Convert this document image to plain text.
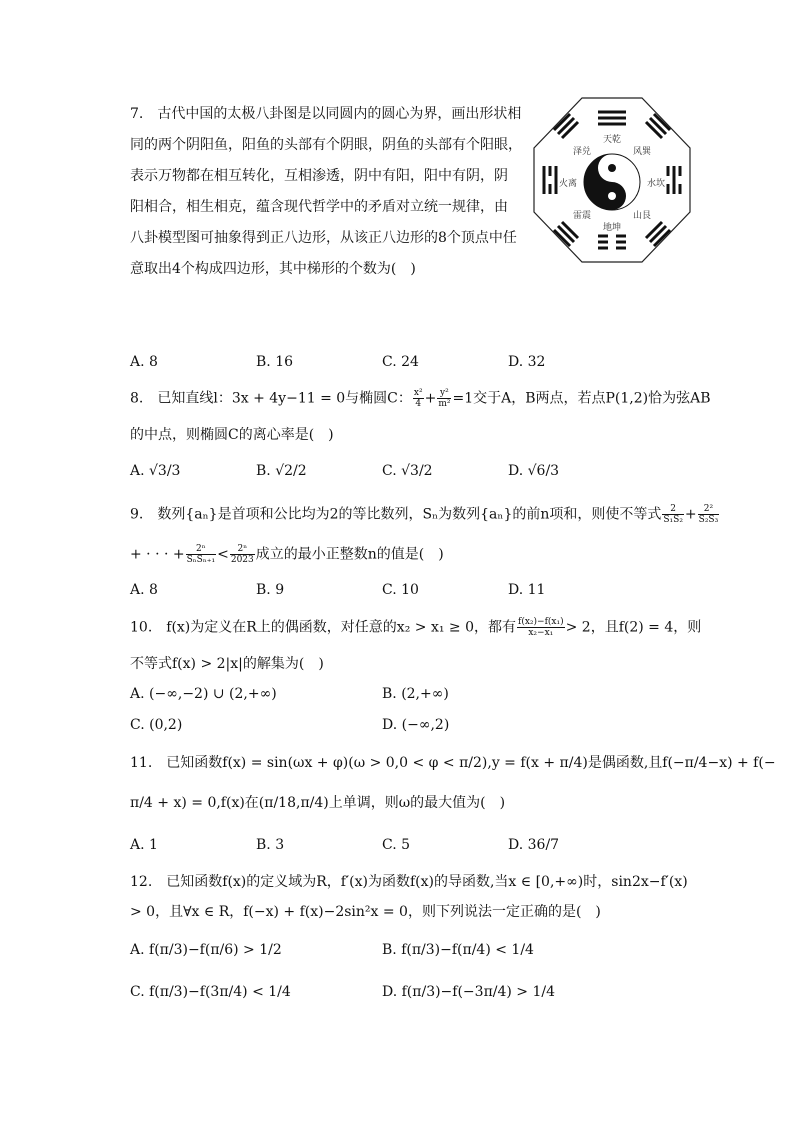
7.　古代中国的太极八卦图是以同圆内的圆心为界，画出形状相
同的两个阴阳鱼，阳鱼的头部有个阴眼，阴鱼的头部有个阳眼，
表示万物都在相互转化，互相渗透，阴中有阳，阳中有阴，阴
阳相合，相生相克，蕴含现代哲学中的矛盾对立统一规律，由
八卦模型图可抽象得到正八边形，从该正八边形的8个顶点中任
意取出4个构成四边形，其中梯形的个数为(　)
天乾
风巽
水坎
山艮
地坤
雷震
火离
泽兑
A. 8	B. 16	C. 24	D. 32
8.　已知直线l：3x + 4y−11 = 0与椭圆C： $\frac{\text{x²}}{4} + \frac{\text{y²}}{\text{m²}} =1$交于A，B两点，若点P(1,2)恰为弦AB
的中点，则椭圆C的离心率是(　)
A. √3/3	B. √2/2	C. √3/2	D. √6/3
9.　数列{aₙ}是首项和公比均为2的等比数列，Sₙ为数列{aₙ}的前n项和，则使不等式 $\frac{2}{\text{S₁S₂}} + \frac{\text{2²}}{\text{S₂S₃}}$
+ · · · + $\frac{\text{2ⁿ}}{\text{SₙSₙ₊₁}} < \frac{\text{2ⁿ}}{2023}$ 成立的最小正整数n的值是(　)
A. 8	B. 9	C. 10	D. 11
10.　f(x)为定义在R上的偶函数，对任意的x₂ > x₁ ≥ 0，都有 $\frac{\text{f(x₂)−f(x₁)}}{\text{x₂−x₁}} > 2$，且f(2) = 4，则
不等式f(x) > 2|x|的解集为(　)
A. (−∞,−2) ∪ (2,+∞)	B. (2,+∞)
C. (0,2)	D. (−∞,2)
11.　已知函数f(x) = sin(ωx + φ)(ω > 0,0 < φ < π/2),y = f(x + π/4)是偶函数,且f(−π/4−x) + f(−
π/4 + x) = 0,f(x)在(π/18,π/4)上单调，则ω的最大值为(　)
A. 1	B. 3	C. 5	D. 36/7
12.　已知函数f(x)的定义域为R，f′(x)为函数f(x)的导函数,当x ∈ [0,+∞)时，sin2x−f′(x)
> 0，且∀x ∈ R，f(−x) + f(x)−2sin²x = 0，则下列说法一定正确的是(　)
A. f(π/3)−f(π/6) > 1/2	B. f(π/3)−f(π/4) < 1/4
C. f(π/3)−f(3π/4) < 1/4	D. f(π/3)−f(−3π/4) > 1/4
